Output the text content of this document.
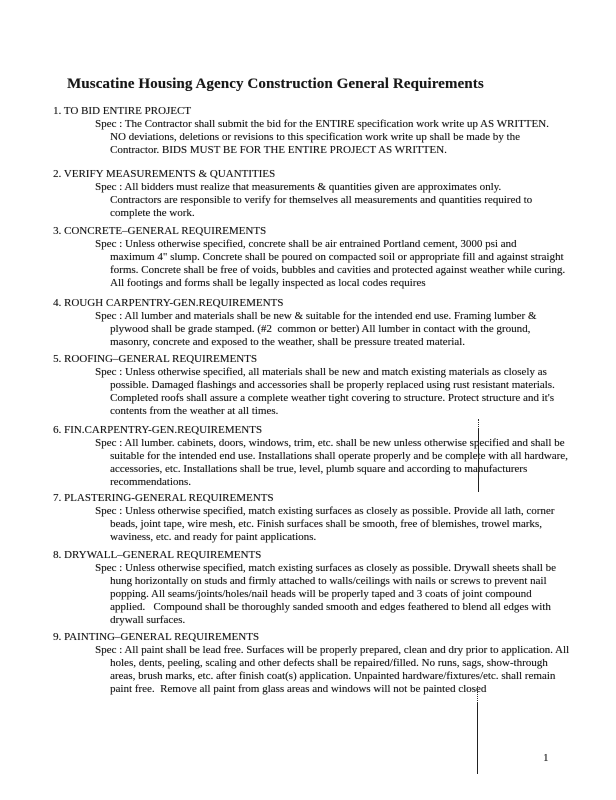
Muscatine Housing Agency Construction General Requirements
1. TO BID ENTIRE PROJECT
Spec : The Contractor shall submit the bid for the ENTIRE specification work write up AS WRITTEN.
NO deviations, deletions or revisions to this specification work write up shall be made by the
Contractor. BIDS MUST BE FOR THE ENTIRE PROJECT AS WRITTEN.
2. VERIFY MEASUREMENTS & QUANTITIES
Spec : All bidders must realize that measurements & quantities given are approximates only.
Contractors are responsible to verify for themselves all measurements and quantities required to
complete the work.
3. CONCRETE–GENERAL REQUIREMENTS
Spec : Unless otherwise specified, concrete shall be air entrained Portland cement, 3000 psi and
maximum 4" slump. Concrete shall be poured on compacted soil or appropriate fill and against straight
forms. Concrete shall be free of voids, bubbles and cavities and protected against weather while curing.
All footings and forms shall be legally inspected as local codes requires
4. ROUGH CARPENTRY-GEN.REQUIREMENTS
Spec : All lumber and materials shall be new & suitable for the intended end use. Framing lumber &
plywood shall be grade stamped. (#2  common or better) All lumber in contact with the ground,
masonry, concrete and exposed to the weather, shall be pressure treated material.
5. ROOFING–GENERAL REQUIREMENTS
Spec : Unless otherwise specified, all materials shall be new and match existing materials as closely as
possible. Damaged flashings and accessories shall be properly replaced using rust resistant materials.
Completed roofs shall assure a complete weather tight covering to structure. Protect structure and it's
contents from the weather at all times.
6. FIN.CARPENTRY-GEN.REQUIREMENTS
Spec : All lumber. cabinets, doors, windows, trim, etc. shall be new unless otherwise specified and shall be
suitable for the intended end use. Installations shall operate properly and be complete with all hardware,
accessories, etc. Installations shall be true, level, plumb square and according to manufacturers
recommendations.
7. PLASTERING-GENERAL REQUIREMENTS
Spec : Unless otherwise specified, match existing surfaces as closely as possible. Provide all lath, corner
beads, joint tape, wire mesh, etc. Finish surfaces shall be smooth, free of blemishes, trowel marks,
waviness, etc. and ready for paint applications.
8. DRYWALL–GENERAL REQUIREMENTS
Spec : Unless otherwise specified, match existing surfaces as closely as possible. Drywall sheets shall be
hung horizontally on studs and firmly attached to walls/ceilings with nails or screws to prevent nail
popping. All seams/joints/holes/nail heads will be properly taped and 3 coats of joint compound
applied.   Compound shall be thoroughly sanded smooth and edges feathered to blend all edges with
drywall surfaces.
9. PAINTING–GENERAL REQUIREMENTS
Spec : All paint shall be lead free. Surfaces will be properly prepared, clean and dry prior to application. All
holes, dents, peeling, scaling and other defects shall be repaired/filled. No runs, sags, show-through
areas, brush marks, etc. after finish coat(s) application. Unpainted hardware/fixtures/etc. shall remain
paint free.  Remove all paint from glass areas and windows will not be painted closed
1
